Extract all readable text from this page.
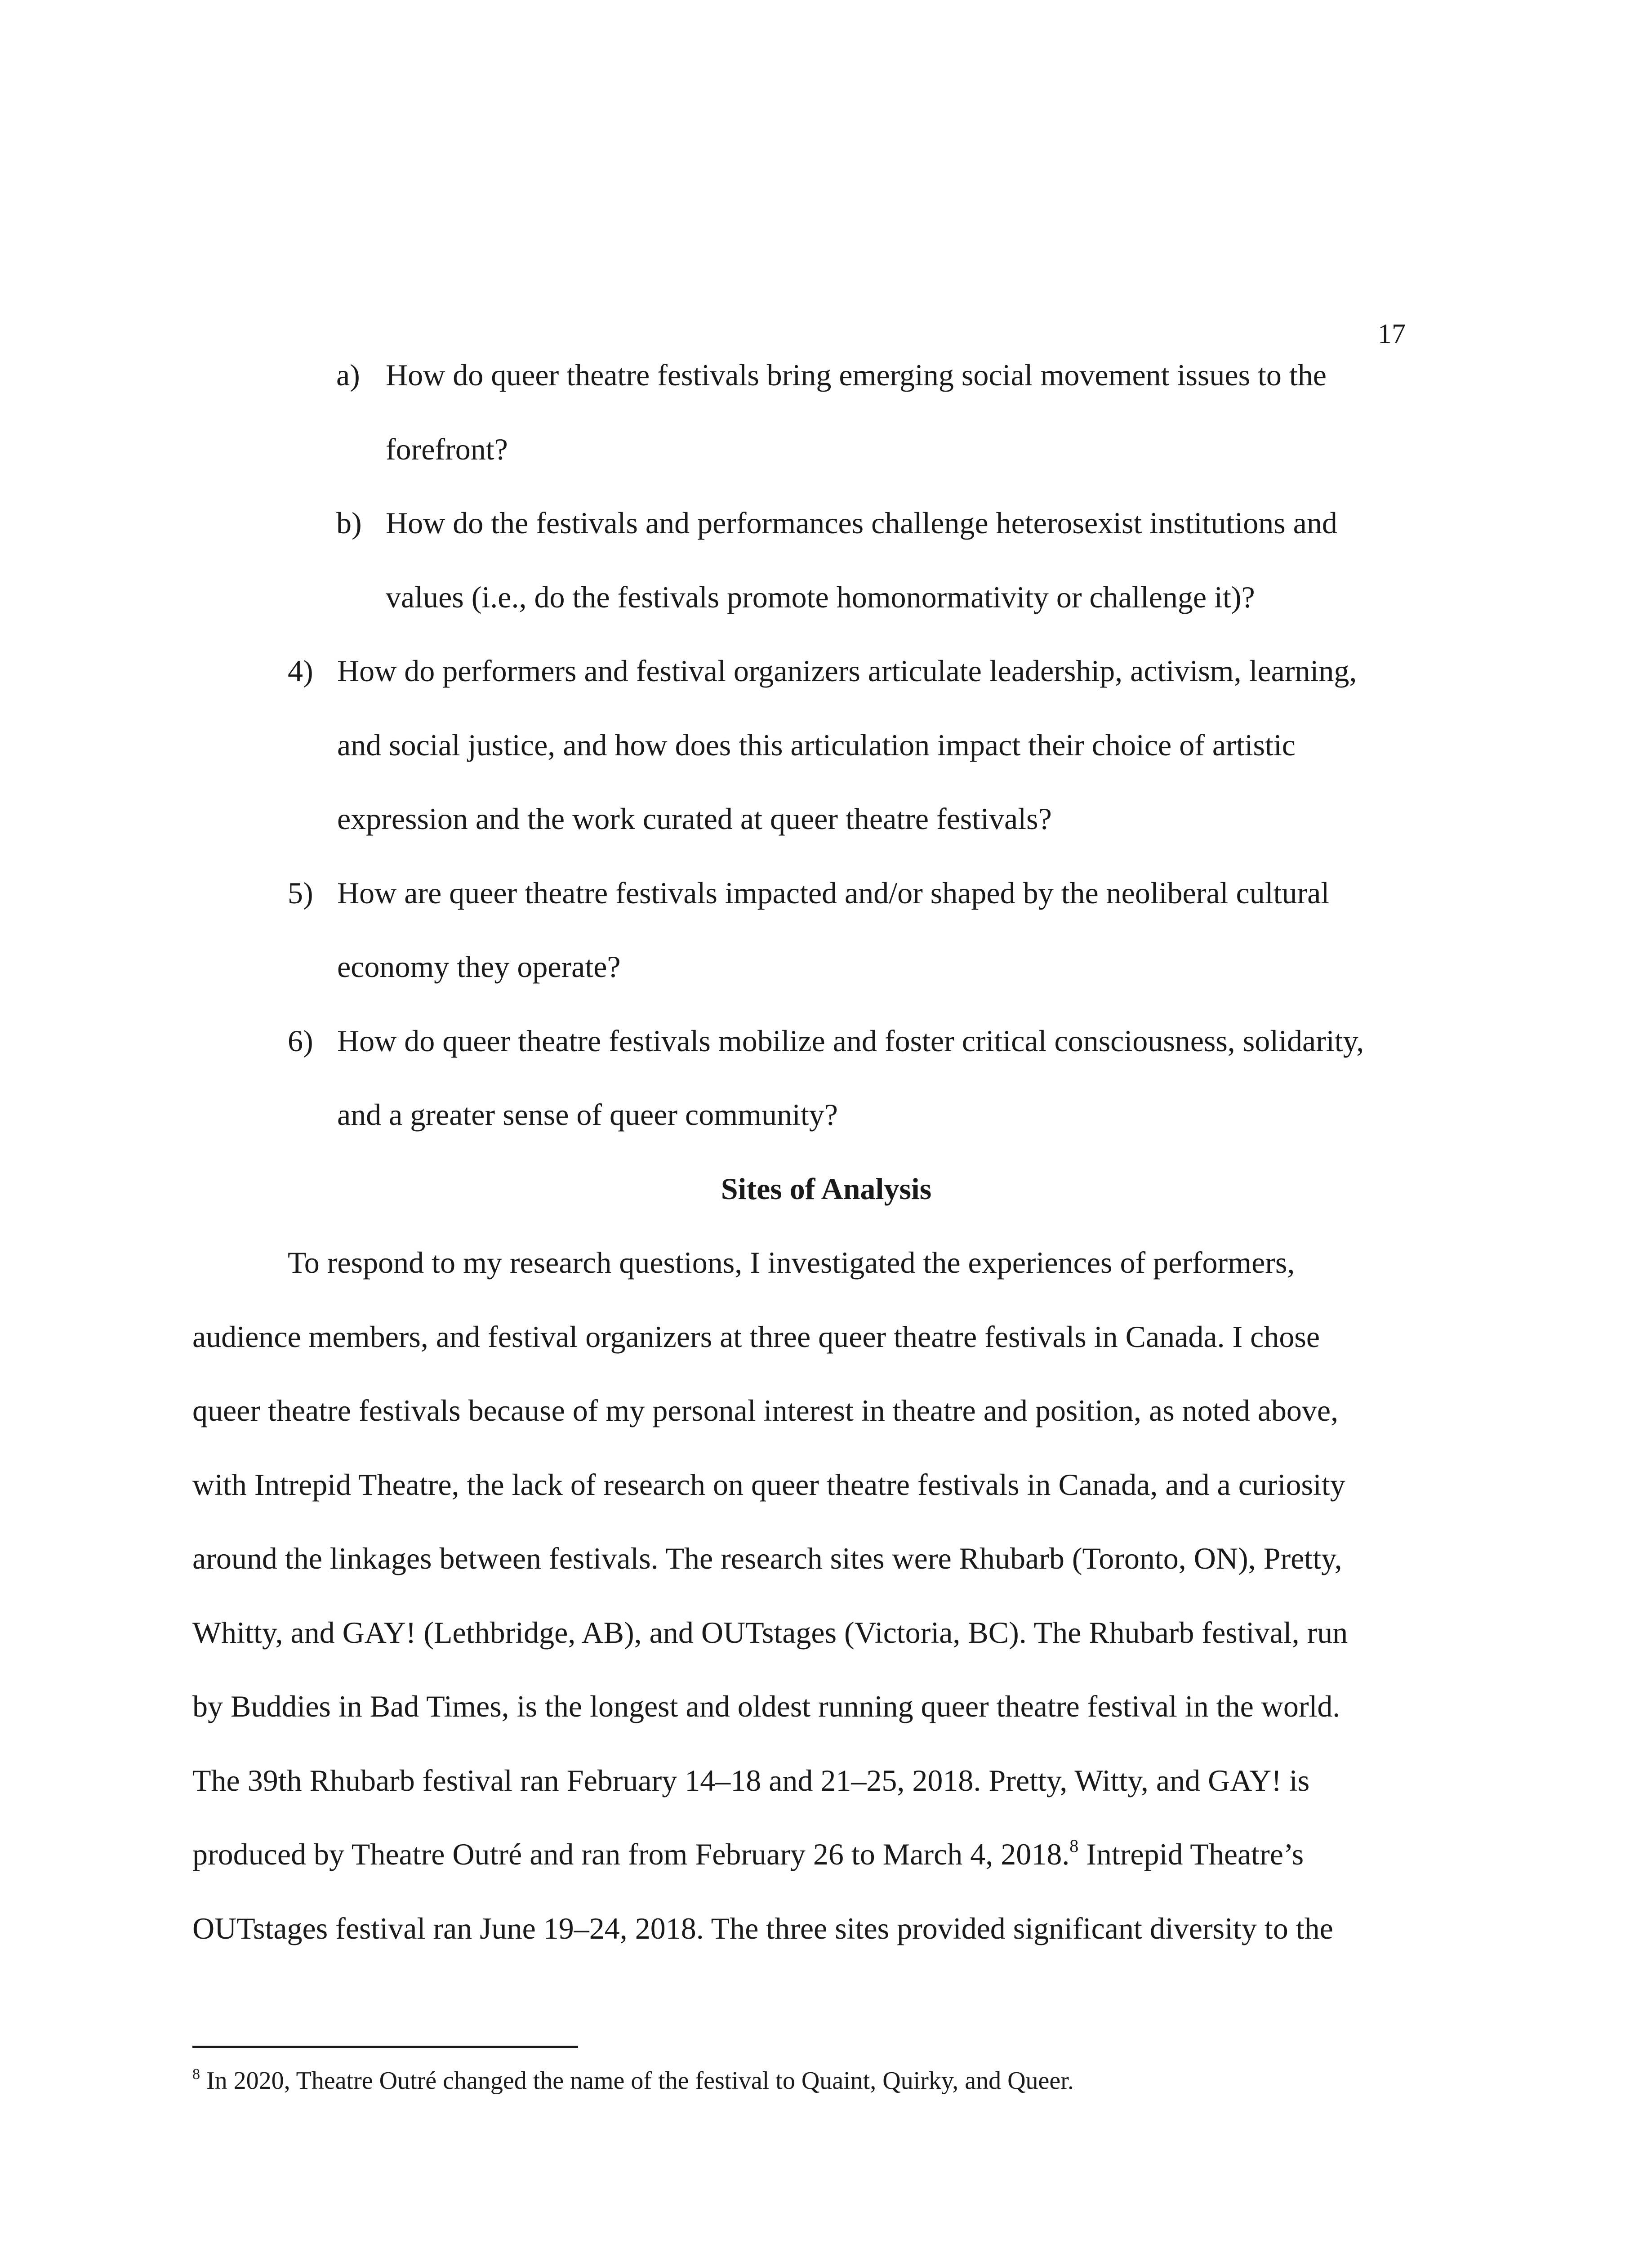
17
a) How do queer theatre festivals bring emerging social movement issues to the
forefront?
b) How do the festivals and performances challenge heterosexist institutions and
values (i.e., do the festivals promote homonormativity or challenge it)?
4) How do performers and festival organizers articulate leadership, activism, learning,
and social justice, and how does this articulation impact their choice of artistic
expression and the work curated at queer theatre festivals?
5) How are queer theatre festivals impacted and/or shaped by the neoliberal cultural
economy they operate?
6) How do queer theatre festivals mobilize and foster critical consciousness, solidarity,
and a greater sense of queer community?
Sites of Analysis
To respond to my research questions, I investigated the experiences of performers,
audience members, and festival organizers at three queer theatre festivals in Canada. I chose
queer theatre festivals because of my personal interest in theatre and position, as noted above,
with Intrepid Theatre, the lack of research on queer theatre festivals in Canada, and a curiosity
around the linkages between festivals. The research sites were Rhubarb (Toronto, ON), Pretty,
Whitty, and GAY! (Lethbridge, AB), and OUTstages (Victoria, BC). The Rhubarb festival, run
by Buddies in Bad Times, is the longest and oldest running queer theatre festival in the world.
The 39th Rhubarb festival ran February 14–18 and 21–25, 2018. Pretty, Witty, and GAY! is
produced by Theatre Outré and ran from February 26 to March 4, 2018.$^8$ Intrepid Theatre’s
OUTstages festival ran June 19–24, 2018. The three sites provided significant diversity to the
$^8$ In 2020, Theatre Outré changed the name of the festival to Quaint, Quirky, and Queer.
